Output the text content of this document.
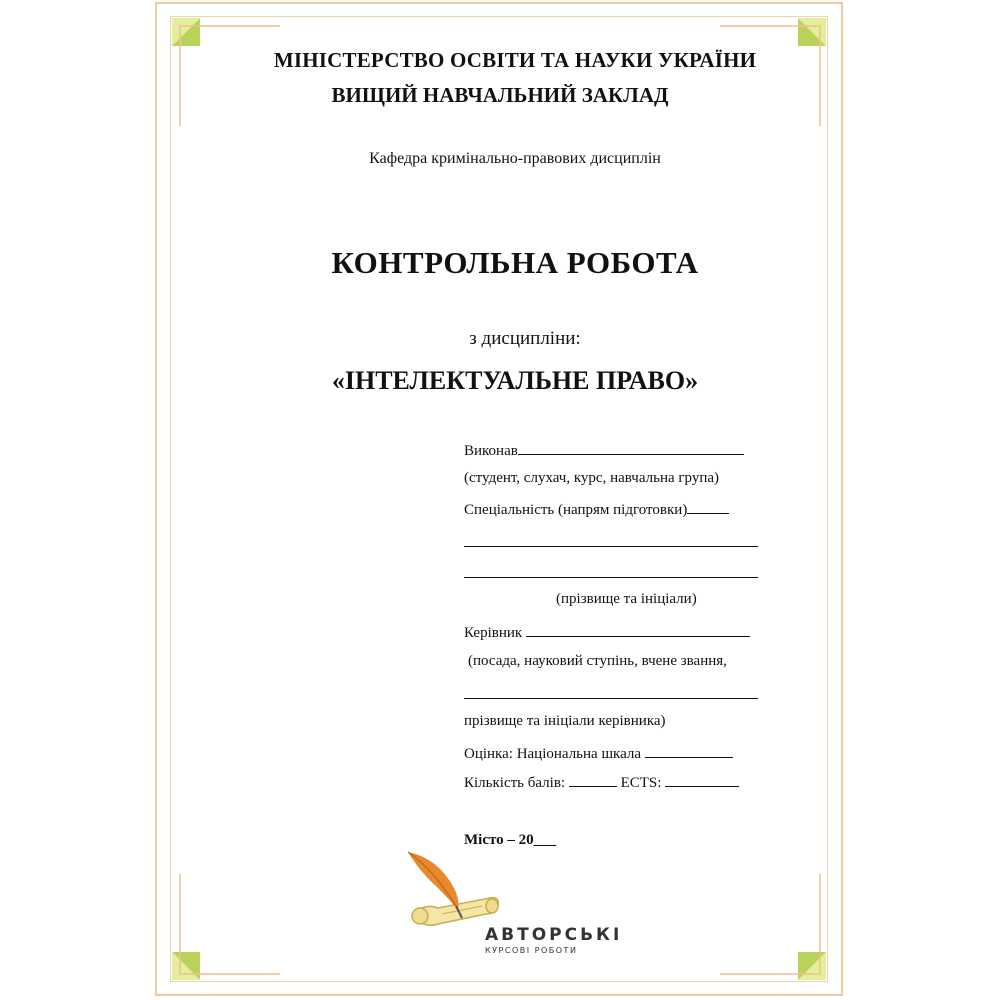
МІНІСТЕРСТВО ОСВІТИ ТА НАУКИ УКРАЇНИ
ВИЩИЙ НАВЧАЛЬНИЙ ЗАКЛАД
Кафедра кримінально-правових дисциплін
КОНТРОЛЬНА РОБОТА
з дисципліни:
«ІНТЕЛЕКТУАЛЬНЕ ПРАВО»
Виконав
(студент, слухач, курс, навчальна група)
Спеціальність (напрям підготовки)
(прізвище та ініціали)
Керівник
(посада, науковий ступінь, вчене звання,
прізвище та ініціали керівника)
Оцінка: Національна шкала
Кількість балів:	ECTS:
Місто – 20___
АВТОРСЬКІ
КУРСОВІ РОБОТИ
